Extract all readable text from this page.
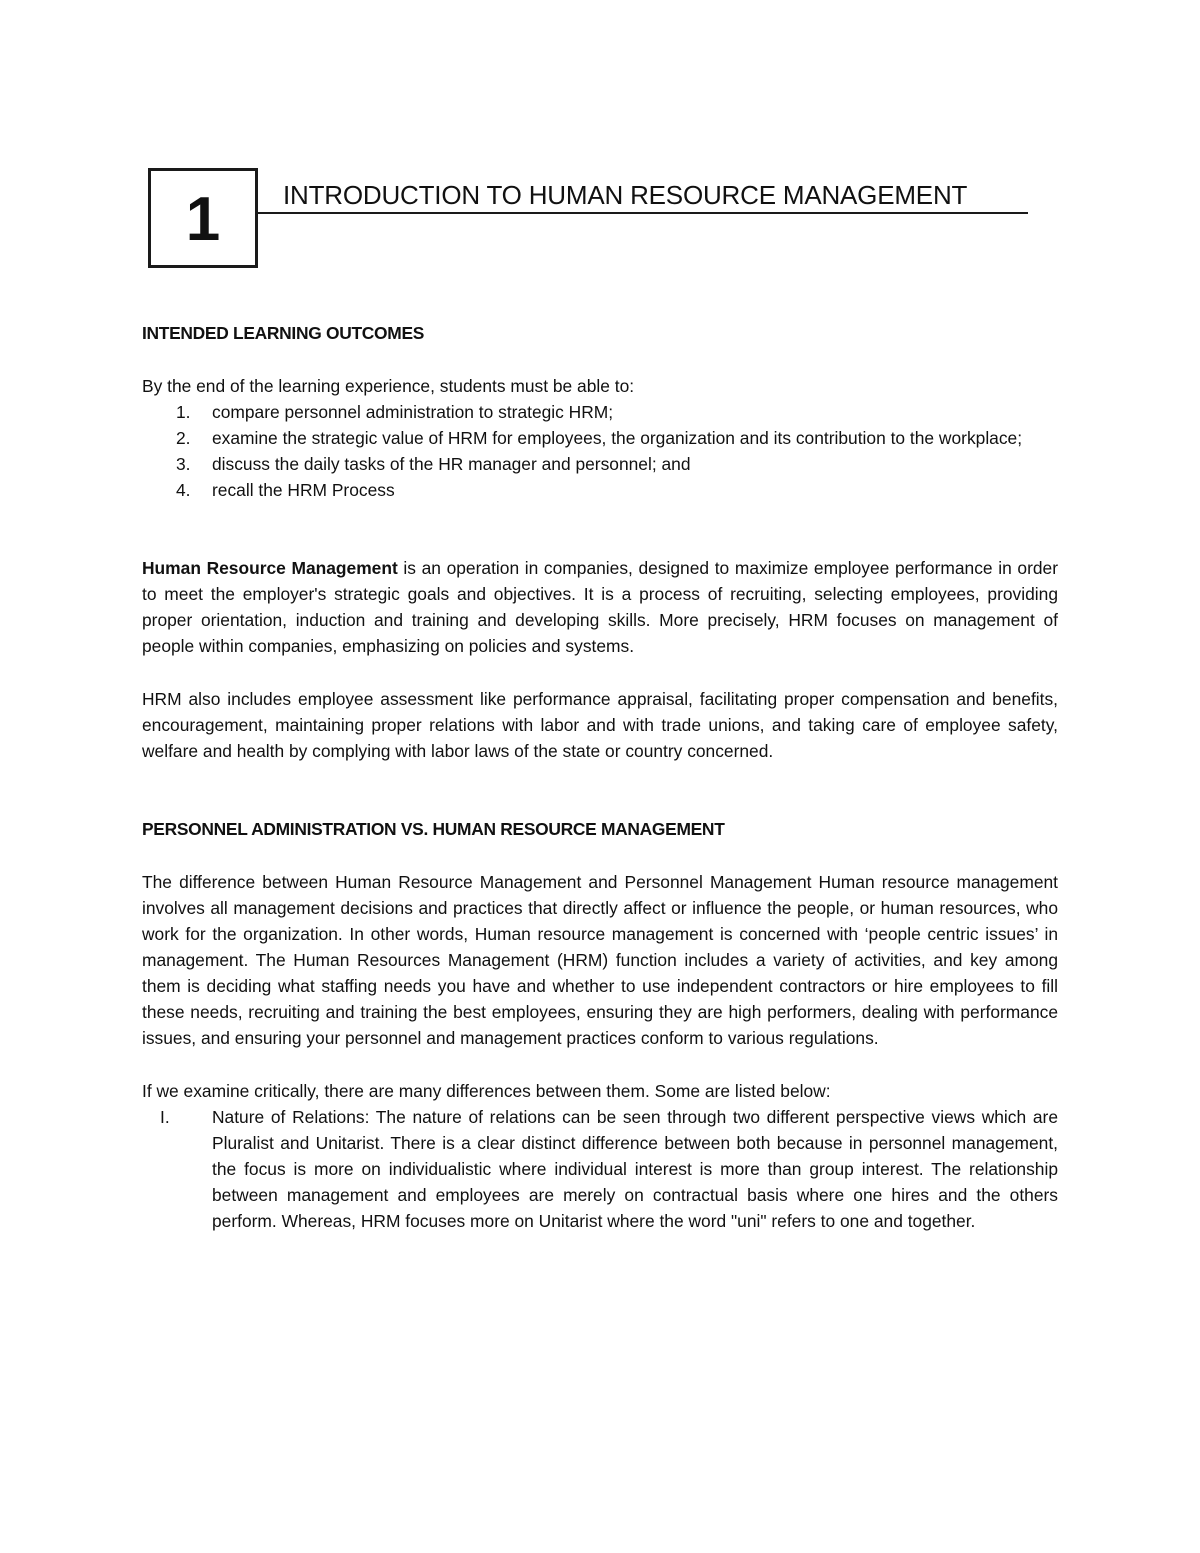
1 INTRODUCTION TO HUMAN RESOURCE MANAGEMENT
INTENDED LEARNING OUTCOMES

By the end of the learning experience, students must be able to:

1. compare personnel administration to strategic HRM;
2. examine the strategic value of HRM for employees, the organization and its contribution to the workplace;
3. discuss the daily tasks of the HR manager and personnel; and
4. recall the HRM Process

Human Resource Management is an operation in companies, designed to maximize employee performance in order to meet the employer's strategic goals and objectives. It is a process of recruiting, selecting employees, providing proper orientation, induction and training and developing skills. More precisely, HRM focuses on management of people within companies, emphasizing on policies and systems.

HRM also includes employee assessment like performance appraisal, facilitating proper compensation and benefits, encouragement, maintaining proper relations with labor and with trade unions, and taking care of employee safety, welfare and health by complying with labor laws of the state or country concerned.

PERSONNEL ADMINISTRATION VS. HUMAN RESOURCE MANAGEMENT

The difference between Human Resource Management and Personnel Management Human resource management involves all management decisions and practices that directly affect or influence the people, or human resources, who work for the organization. In other words, Human resource management is concerned with ‘people centric issues’ in management. The Human Resources Management (HRM) function includes a variety of activities, and key among them is deciding what staffing needs you have and whether to use independent contractors or hire employees to fill these needs, recruiting and training the best employees, ensuring they are high performers, dealing with performance issues, and ensuring your personnel and management practices conform to various regulations.

If we examine critically, there are many differences between them. Some are listed below:

I. Nature of Relations: The nature of relations can be seen through two different perspective views which are Pluralist and Unitarist. There is a clear distinct difference between both because in personnel management, the focus is more on individualistic where individual interest is more than group interest. The relationship between management and employees are merely on contractual basis where one hires and the others perform. Whereas, HRM focuses more on Unitarist where the word "uni" refers to one and together.
